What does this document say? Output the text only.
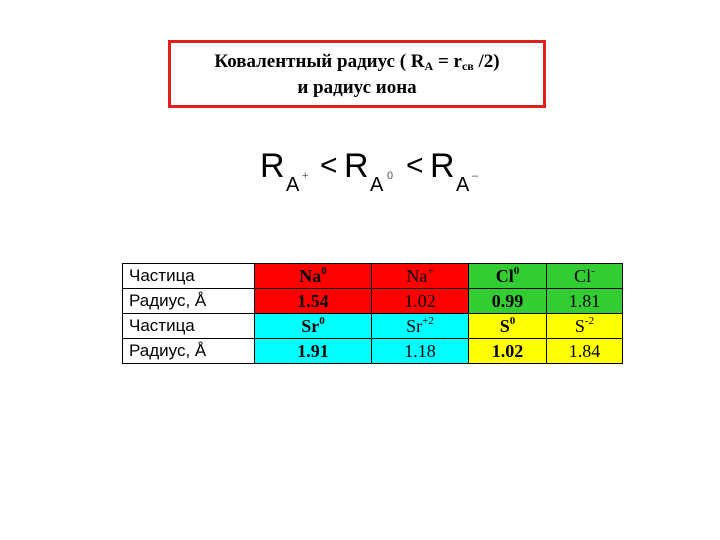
Ковалентный радиус ( $R_A = r_{св}$ /2)
и радиус иона
R A + < R A 0 < R A –
Частица	Na$^0$	Na+	Cl$^0$	Cl-
Радиус, Å	1.54	1.02	0.99	1.81
Частица	Sr$^0$	$Sr^{+2}$	$S^0$	$S^{-2}$
Радиус, Å	1.91	1.18	1.02	1.84
